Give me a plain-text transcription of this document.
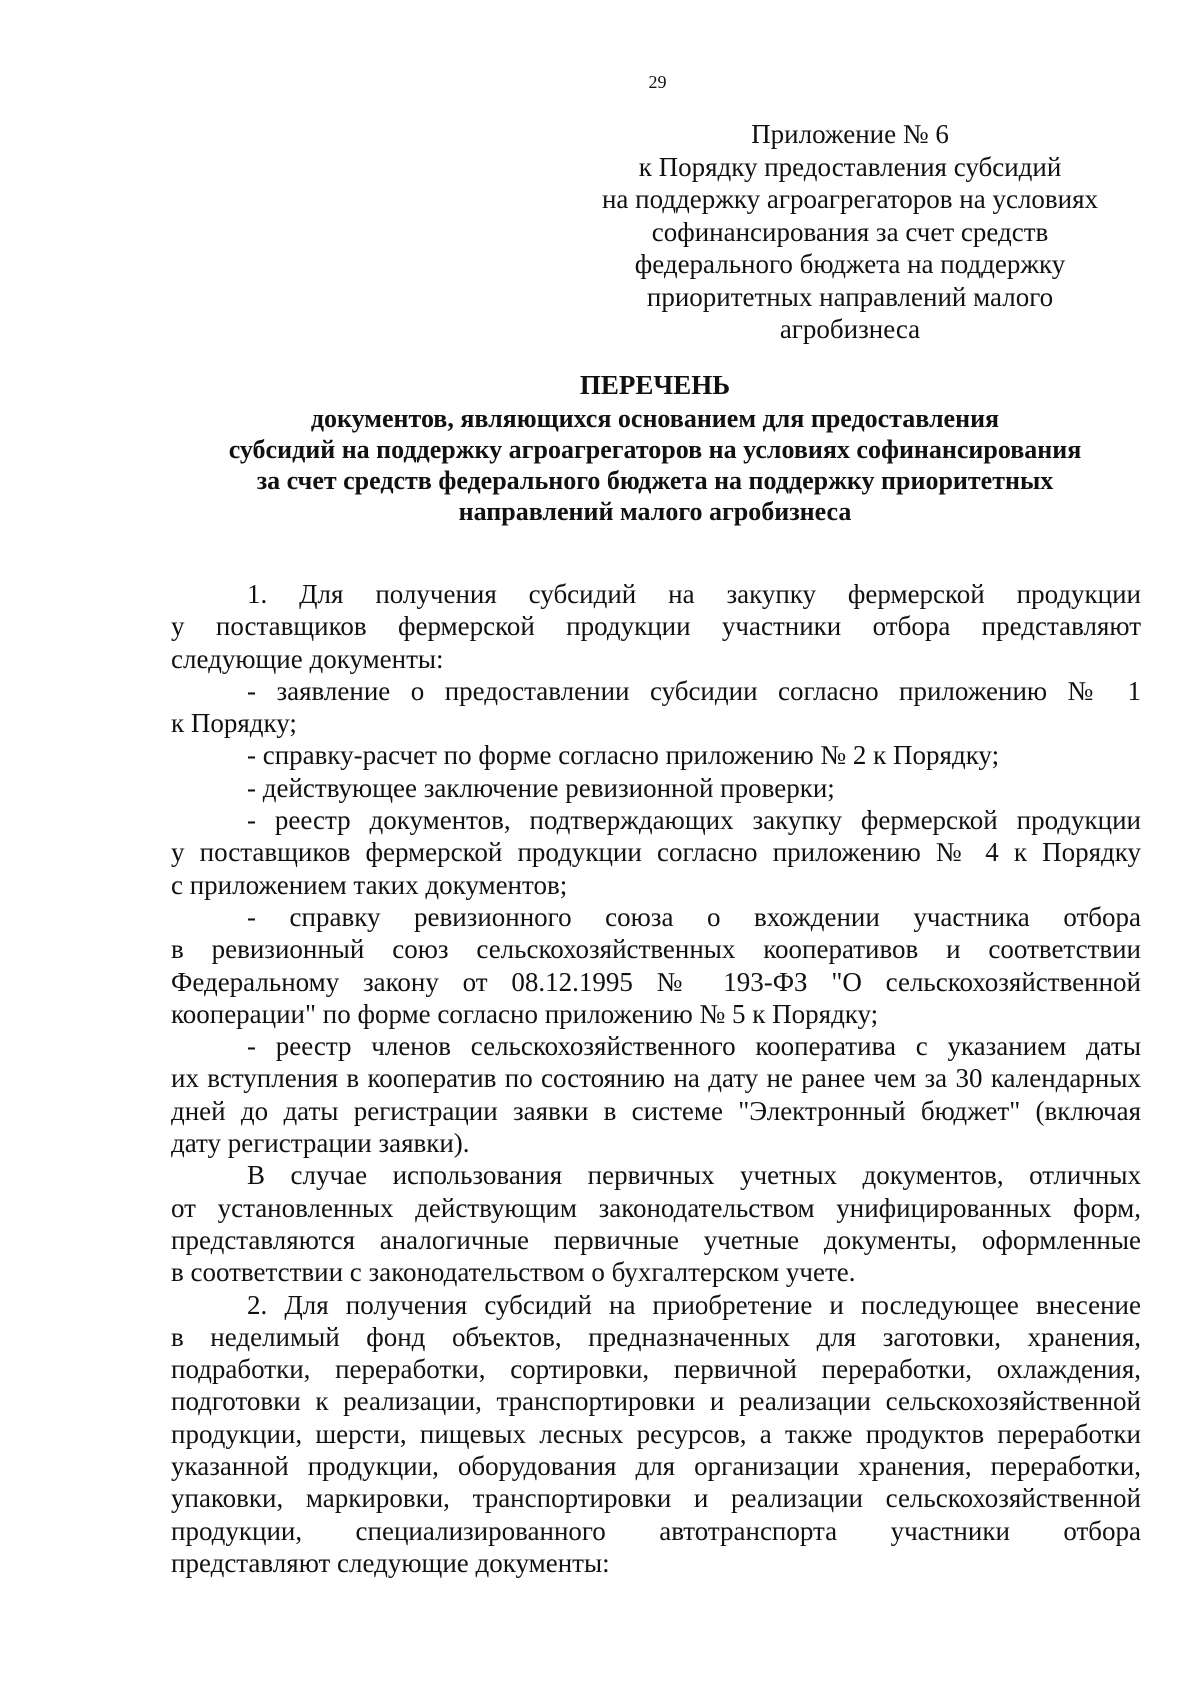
29
Приложение № 6
к Порядку предоставления субсидий
на поддержку агроагрегаторов на условиях
софинансирования за счет средств
федерального бюджета на поддержку
приоритетных направлений малого
агробизнеса
ПЕРЕЧЕНЬ
документов, являющихся основанием для предоставления
субсидий на поддержку агроагрегаторов на условиях софинансирования
за счет средств федерального бюджета на поддержку приоритетных
направлений малого агробизнеса
1. Для получения субсидий на закупку фермерской продукции
у поставщиков фермерской продукции участники отбора представляют
следующие документы:
- заявление о предоставлении субсидии согласно приложению № 1
к Порядку;
- справку-расчет по форме согласно приложению № 2 к Порядку;
- действующее заключение ревизионной проверки;
- реестр документов, подтверждающих закупку фермерской продукции
у поставщиков фермерской продукции согласно приложению № 4 к Порядку
с приложением таких документов;
- справку ревизионного союза о вхождении участника отбора
в ревизионный союз сельскохозяйственных кооперативов и соответствии
Федеральному закону от 08.12.1995 № 193-ФЗ "О сельскохозяйственной
кооперации" по форме согласно приложению № 5 к Порядку;
- реестр членов сельскохозяйственного кооператива с указанием даты
их вступления в кооператив по состоянию на дату не ранее чем за 30 календарных
дней до даты регистрации заявки в системе "Электронный бюджет" (включая
дату регистрации заявки).
В случае использования первичных учетных документов, отличных
от установленных действующим законодательством унифицированных форм,
представляются аналогичные первичные учетные документы, оформленные
в соответствии с законодательством о бухгалтерском учете.
2. Для получения субсидий на приобретение и последующее внесение
в неделимый фонд объектов, предназначенных для заготовки, хранения,
подработки, переработки, сортировки, первичной переработки, охлаждения,
подготовки к реализации, транспортировки и реализации сельскохозяйственной
продукции, шерсти, пищевых лесных ресурсов, а также продуктов переработки
указанной продукции, оборудования для организации хранения, переработки,
упаковки, маркировки, транспортировки и реализации сельскохозяйственной
продукции, специализированного автотранспорта участники отбора
представляют следующие документы:
